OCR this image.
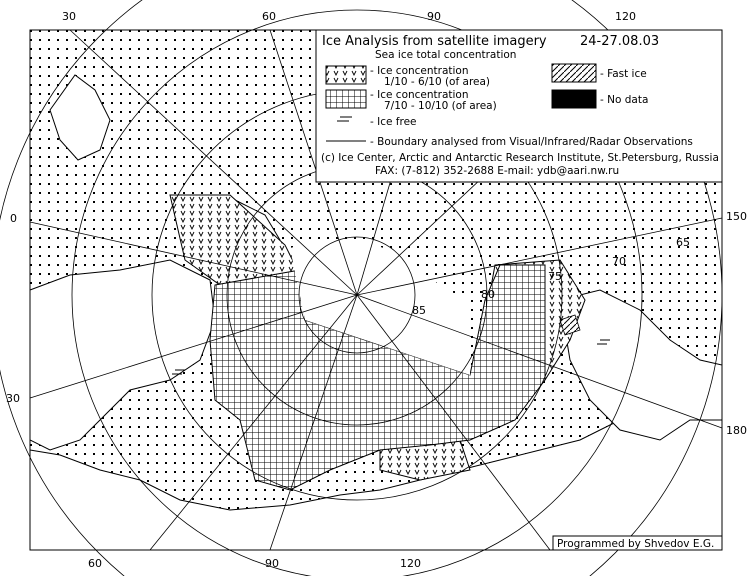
30	60	90	120
60	90	120
0
30
150
180
85
80
75
70
65
Ice Analysis from satellite imagery	24-27.08.03
Sea ice total concentration
- Ice concentration
1/10 - 6/10 (of area)
- Ice concentration
7/10 - 10/10 (of area)
- Fast ice
- No data
- Ice free
- Boundary analysed from Visual/Infrared/Radar Observations
(c) Ice Center, Arctic and Antarctic Research Institute, St.Petersburg, Russia
FAX: (7-812) 352-2688 E-mail: ydb@aari.nw.ru
Programmed by Shvedov E.G.
